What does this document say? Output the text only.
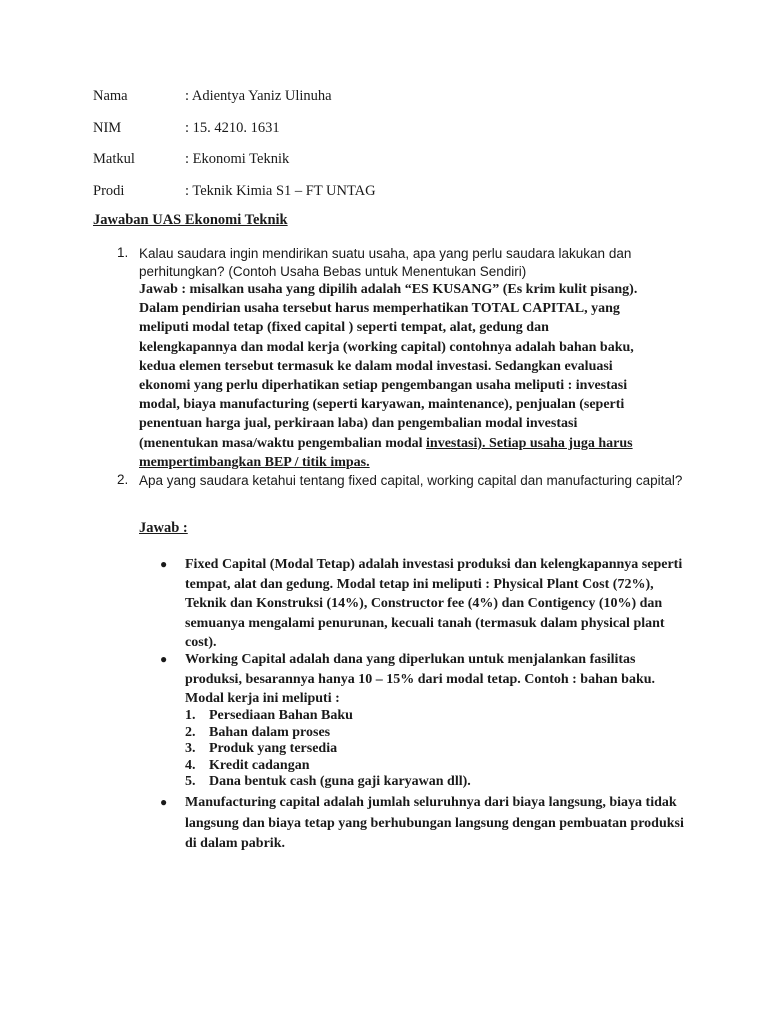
Nama	: Adientya Yaniz Ulinuha
NIM	: 15. 4210. 1631
Matkul	: Ekonomi Teknik
Prodi	: Teknik Kimia S1 – FT UNTAG
Jawaban UAS Ekonomi Teknik
1. Kalau saudara ingin mendirikan suatu usaha, apa yang perlu saudara lakukan dan perhitungkan? (Contoh Usaha Bebas untuk Menentukan Sendiri)
Jawab : misalkan usaha yang dipilih adalah “ES KUSANG” (Es krim kulit pisang). Dalam pendirian usaha tersebut harus memperhatikan TOTAL CAPITAL, yang meliputi modal tetap (fixed capital ) seperti tempat, alat, gedung dan kelengkapannya dan modal kerja (working capital) contohnya adalah bahan baku, kedua elemen tersebut termasuk ke dalam modal investasi. Sedangkan evaluasi ekonomi yang perlu diperhatikan setiap pengembangan usaha meliputi : investasi modal, biaya manufacturing (seperti karyawan, maintenance), penjualan (seperti penentuan harga jual, perkiraan laba) dan pengembalian modal investasi (menentukan masa/waktu pengembalian modal investasi). Setiap usaha juga harus mempertimbangkan BEP / titik impas.
2. Apa yang saudara ketahui tentang fixed capital, working capital dan manufacturing capital?
Jawab :
● Fixed Capital (Modal Tetap) adalah investasi produksi dan kelengkapannya seperti tempat, alat dan gedung. Modal tetap ini meliputi : Physical Plant Cost (72%), Teknik dan Konstruksi (14%), Constructor fee (4%) dan Contigency (10%) dan semuanya mengalami penurunan, kecuali tanah (termasuk dalam physical plant cost).
● Working Capital adalah dana yang diperlukan untuk menjalankan fasilitas produksi, besarannya hanya 10 – 15% dari modal tetap. Contoh : bahan baku. Modal kerja ini meliputi :
1. Persediaan Bahan Baku
2. Bahan dalam proses
3. Produk yang tersedia
4. Kredit cadangan
5. Dana bentuk cash (guna gaji karyawan dll).
● Manufacturing capital adalah jumlah seluruhnya dari biaya langsung, biaya tidak langsung dan biaya tetap yang berhubungan langsung dengan pembuatan produksi di dalam pabrik.
